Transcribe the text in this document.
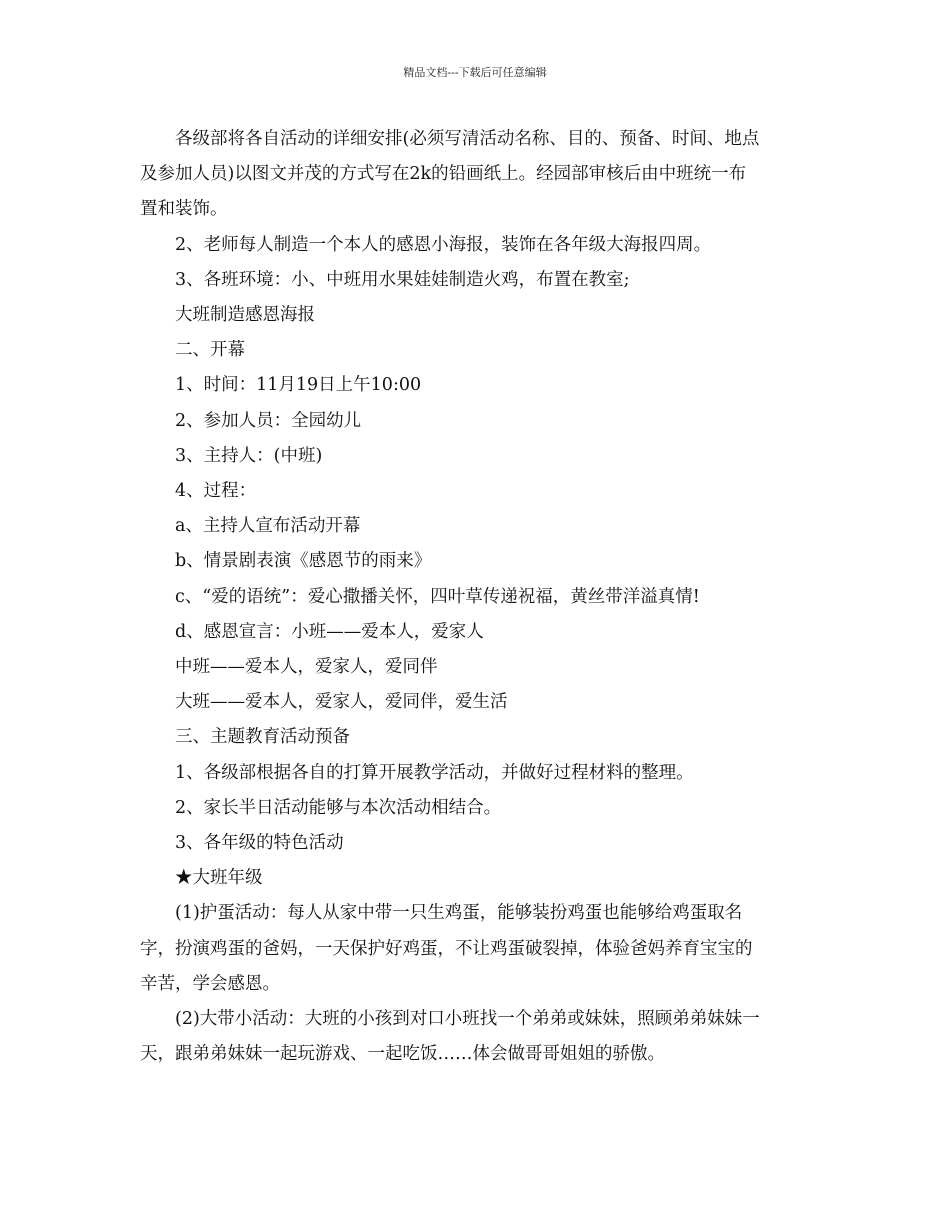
精品文档---下载后可任意编辑

各级部将各自活动的详细安排(必须写清活动名称、目的、预备、时间、地点

及参加人员)以图文并茂的方式写在2k的铅画纸上。经园部审核后由中班统一布

置和装饰。

2、老师每人制造一个本人的感恩小海报，装饰在各年级大海报四周。

3、各班环境：小、中班用水果娃娃制造火鸡，布置在教室;

大班制造感恩海报

二、开幕

1、时间：11月19日上午10:00

2、参加人员：全园幼儿

3、主持人：(中班)

4、过程：

a、主持人宣布活动开幕

b、情景剧表演《感恩节的雨来》

c、“爱的语统”：爱心撒播关怀，四叶草传递祝福，黄丝带洋溢真情!

d、感恩宣言：小班——爱本人，爱家人

中班——爱本人，爱家人，爱同伴

大班——爱本人，爱家人，爱同伴，爱生活

三、主题教育活动预备

1、各级部根据各自的打算开展教学活动，并做好过程材料的整理。

2、家长半日活动能够与本次活动相结合。

3、各年级的特色活动

★大班年级

(1)护蛋活动：每人从家中带一只生鸡蛋，能够装扮鸡蛋也能够给鸡蛋取名

字，扮演鸡蛋的爸妈，一天保护好鸡蛋，不让鸡蛋破裂掉，体验爸妈养育宝宝的

辛苦，学会感恩。

(2)大带小活动：大班的小孩到对口小班找一个弟弟或妹妹，照顾弟弟妹妹一

天，跟弟弟妹妹一起玩游戏、一起吃饭……体会做哥哥姐姐的骄傲。
